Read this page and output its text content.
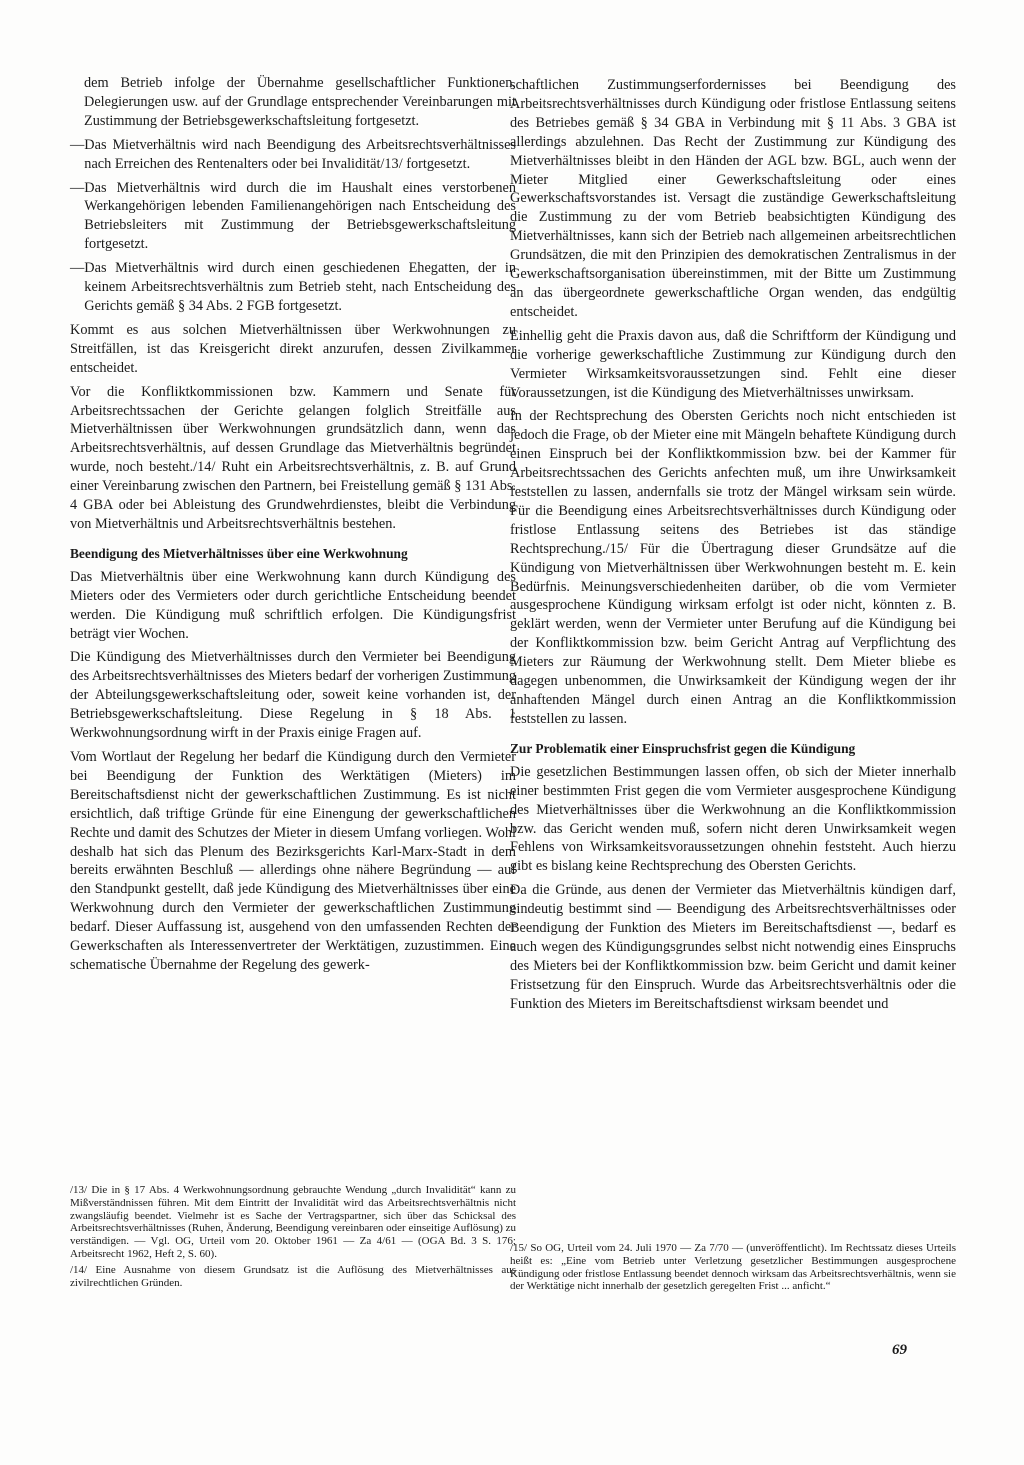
dem Betrieb infolge der Übernahme gesellschaftlicher Funktionen, Delegierungen usw. auf der Grundlage entsprechender Vereinbarungen mit Zustimmung der Betriebsgewerkschaftsleitung fortgesetzt.

— Das Mietverhältnis wird nach Beendigung des Arbeitsrechtsverhältnisses nach Erreichen des Rentenalters oder bei Invalidität/13/ fortgesetzt.
— Das Mietverhältnis wird durch die im Haushalt eines verstorbenen Werkangehörigen lebenden Familienangehörigen nach Entscheidung des Betriebsleiters mit Zustimmung der Betriebsgewerkschaftsleitung fortgesetzt.
— Das Mietverhältnis wird durch einen geschiedenen Ehegatten, der in keinem Arbeitsrechtsverhältnis zum Betrieb steht, nach Entscheidung des Gerichts gemäß § 34 Abs. 2 FGB fortgesetzt.

Kommt es aus solchen Mietverhältnissen über Werkwohnungen zu Streitfällen, ist das Kreisgericht direkt anzurufen, dessen Zivilkammer entscheidet.

Vor die Konfliktkommissionen bzw. Kammern und Senate für Arbeitsrechtssachen der Gerichte gelangen folglich Streitfälle aus Mietverhältnissen über Werkwohnungen grundsätzlich dann, wenn das Arbeitsrechtsverhältnis, auf dessen Grundlage das Mietverhältnis begründet wurde, noch besteht./14/ Ruht ein Arbeitsrechtsverhältnis, z. B. auf Grund einer Vereinbarung zwischen den Partnern, bei Freistellung gemäß § 131 Abs. 4 GBA oder bei Ableistung des Grundwehrdienstes, bleibt die Verbindung von Mietverhältnis und Arbeitsrechtsverhältnis bestehen.

Beendigung des Mietverhältnisses über eine Werkwohnung

Das Mietverhältnis über eine Werkwohnung kann durch Kündigung des Mieters oder des Vermieters oder durch gerichtliche Entscheidung beendet werden. Die Kündigung muß schriftlich erfolgen. Die Kündigungsfrist beträgt vier Wochen.

Die Kündigung des Mietverhältnisses durch den Vermieter bei Beendigung des Arbeitsrechtsverhältnisses des Mieters bedarf der vorherigen Zustimmung der Abteilungsgewerkschaftsleitung oder, soweit keine vorhanden ist, der Betriebsgewerkschaftsleitung. Diese Regelung in § 18 Abs. 1 Werkwohnungsordnung wirft in der Praxis einige Fragen auf.

Vom Wortlaut der Regelung her bedarf die Kündigung durch den Vermieter bei Beendigung der Funktion des Werktätigen (Mieters) im Bereitschaftsdienst nicht der gewerkschaftlichen Zustimmung. Es ist nicht ersichtlich, daß triftige Gründe für eine Einengung der gewerkschaftlichen Rechte und damit des Schutzes der Mieter in diesem Umfang vorliegen. Wohl deshalb hat sich das Plenum des Bezirksgerichts Karl-Marx-Stadt in dem bereits erwähnten Beschluß — allerdings ohne nähere Begründung — auf den Standpunkt gestellt, daß jede Kündigung des Mietverhältnisses über eine Werkwohnung durch den Vermieter der gewerkschaftlichen Zustimmung bedarf. Dieser Auffassung ist, ausgehend von den umfassenden Rechten der Gewerkschaften als Interessenvertreter der Werktätigen, zuzustimmen. Eine schematische Übernahme der Regelung des gewerk-

/13/ Die in § 17 Abs. 4 Werkwohnungsordnung gebrauchte Wendung „durch Invalidität“ kann zu Mißverständnissen führen. Mit dem Eintritt der Invalidität wird das Arbeitsrechtsverhältnis nicht zwangsläufig beendet. Vielmehr ist es Sache der Vertragspartner, sich über das Schicksal des Arbeitsrechtsverhältnisses (Ruhen, Änderung, Beendigung vereinbaren oder einseitige Auflösung) zu verständigen. — Vgl. OG, Urteil vom 20. Oktober 1961 — Za 4/61 — (OGA Bd. 3 S. 176; Arbeitsrecht 1962, Heft 2, S. 60).

/14/ Eine Ausnahme von diesem Grundsatz ist die Auflösung des Mietverhältnisses aus zivilrechtlichen Gründen.

schaftlichen Zustimmungserfordernisses bei Beendigung des Arbeitsrechtsverhältnisses durch Kündigung oder fristlose Entlassung seitens des Betriebes gemäß § 34 GBA in Verbindung mit § 11 Abs. 3 GBA ist allerdings abzulehnen. Das Recht der Zustimmung zur Kündigung des Mietverhältnisses bleibt in den Händen der AGL bzw. BGL, auch wenn der Mieter Mitglied einer Gewerkschaftsleitung oder eines Gewerkschaftsvorstandes ist. Versagt die zuständige Gewerkschaftsleitung die Zustimmung zu der vom Betrieb beabsichtigten Kündigung des Mietverhältnisses, kann sich der Betrieb nach allgemeinen arbeitsrechtlichen Grundsätzen, die mit den Prinzipien des demokratischen Zentralismus in der Gewerkschaftsorganisation übereinstimmen, mit der Bitte um Zustimmung an das übergeordnete gewerkschaftliche Organ wenden, das endgültig entscheidet.

Einhellig geht die Praxis davon aus, daß die Schriftform der Kündigung und die vorherige gewerkschaftliche Zustimmung zur Kündigung durch den Vermieter Wirksamkeitsvoraussetzungen sind. Fehlt eine dieser Voraussetzungen, ist die Kündigung des Mietverhältnisses unwirksam.

In der Rechtsprechung des Obersten Gerichts noch nicht entschieden ist jedoch die Frage, ob der Mieter eine mit Mängeln behaftete Kündigung durch einen Einspruch bei der Konfliktkommission bzw. bei der Kammer für Arbeitsrechtssachen des Gerichts anfechten muß, um ihre Unwirksamkeit feststellen zu lassen, andernfalls sie trotz der Mängel wirksam sein würde. Für die Beendigung eines Arbeitsrechtsverhältnisses durch Kündigung oder fristlose Entlassung seitens des Betriebes ist das ständige Rechtsprechung./15/ Für die Übertragung dieser Grundsätze auf die Kündigung von Mietverhältnissen über Werkwohnungen besteht m. E. kein Bedürfnis. Meinungsverschiedenheiten darüber, ob die vom Vermieter ausgesprochene Kündigung wirksam erfolgt ist oder nicht, könnten z. B. geklärt werden, wenn der Vermieter unter Berufung auf die Kündigung bei der Konfliktkommission bzw. beim Gericht Antrag auf Verpflichtung des Mieters zur Räumung der Werkwohnung stellt. Dem Mieter bliebe es dagegen unbenommen, die Unwirksamkeit der Kündigung wegen der ihr anhaftenden Mängel durch einen Antrag an die Konfliktkommission feststellen zu lassen.

Zur Problematik einer Einspruchsfrist gegen die Kündigung

Die gesetzlichen Bestimmungen lassen offen, ob sich der Mieter innerhalb einer bestimmten Frist gegen die vom Vermieter ausgesprochene Kündigung des Mietverhältnisses über die Werkwohnung an die Konfliktkommission bzw. das Gericht wenden muß, sofern nicht deren Unwirksamkeit wegen Fehlens von Wirksamkeitsvoraussetzungen ohnehin feststeht. Auch hierzu gibt es bislang keine Rechtsprechung des Obersten Gerichts.

Da die Gründe, aus denen der Vermieter das Mietverhältnis kündigen darf, eindeutig bestimmt sind — Beendigung des Arbeitsrechtsverhältnisses oder Beendigung der Funktion des Mieters im Bereitschaftsdienst —, bedarf es auch wegen des Kündigungsgrundes selbst nicht notwendig eines Einspruchs des Mieters bei der Konfliktkommission bzw. beim Gericht und damit keiner Fristsetzung für den Einspruch. Wurde das Arbeitsrechtsverhältnis oder die Funktion des Mieters im Bereitschaftsdienst wirksam beendet und

/15/ So OG, Urteil vom 24. Juli 1970 — Za 7/70 — (unveröffentlicht). Im Rechtssatz dieses Urteils heißt es: „Eine vom Betrieb unter Verletzung gesetzlicher Bestimmungen ausgesprochene Kündigung oder fristlose Entlassung beendet dennoch wirksam das Arbeitsrechtsverhältnis, wenn sie der Werktätige nicht innerhalb der gesetzlich geregelten Frist ... anficht.“

69
